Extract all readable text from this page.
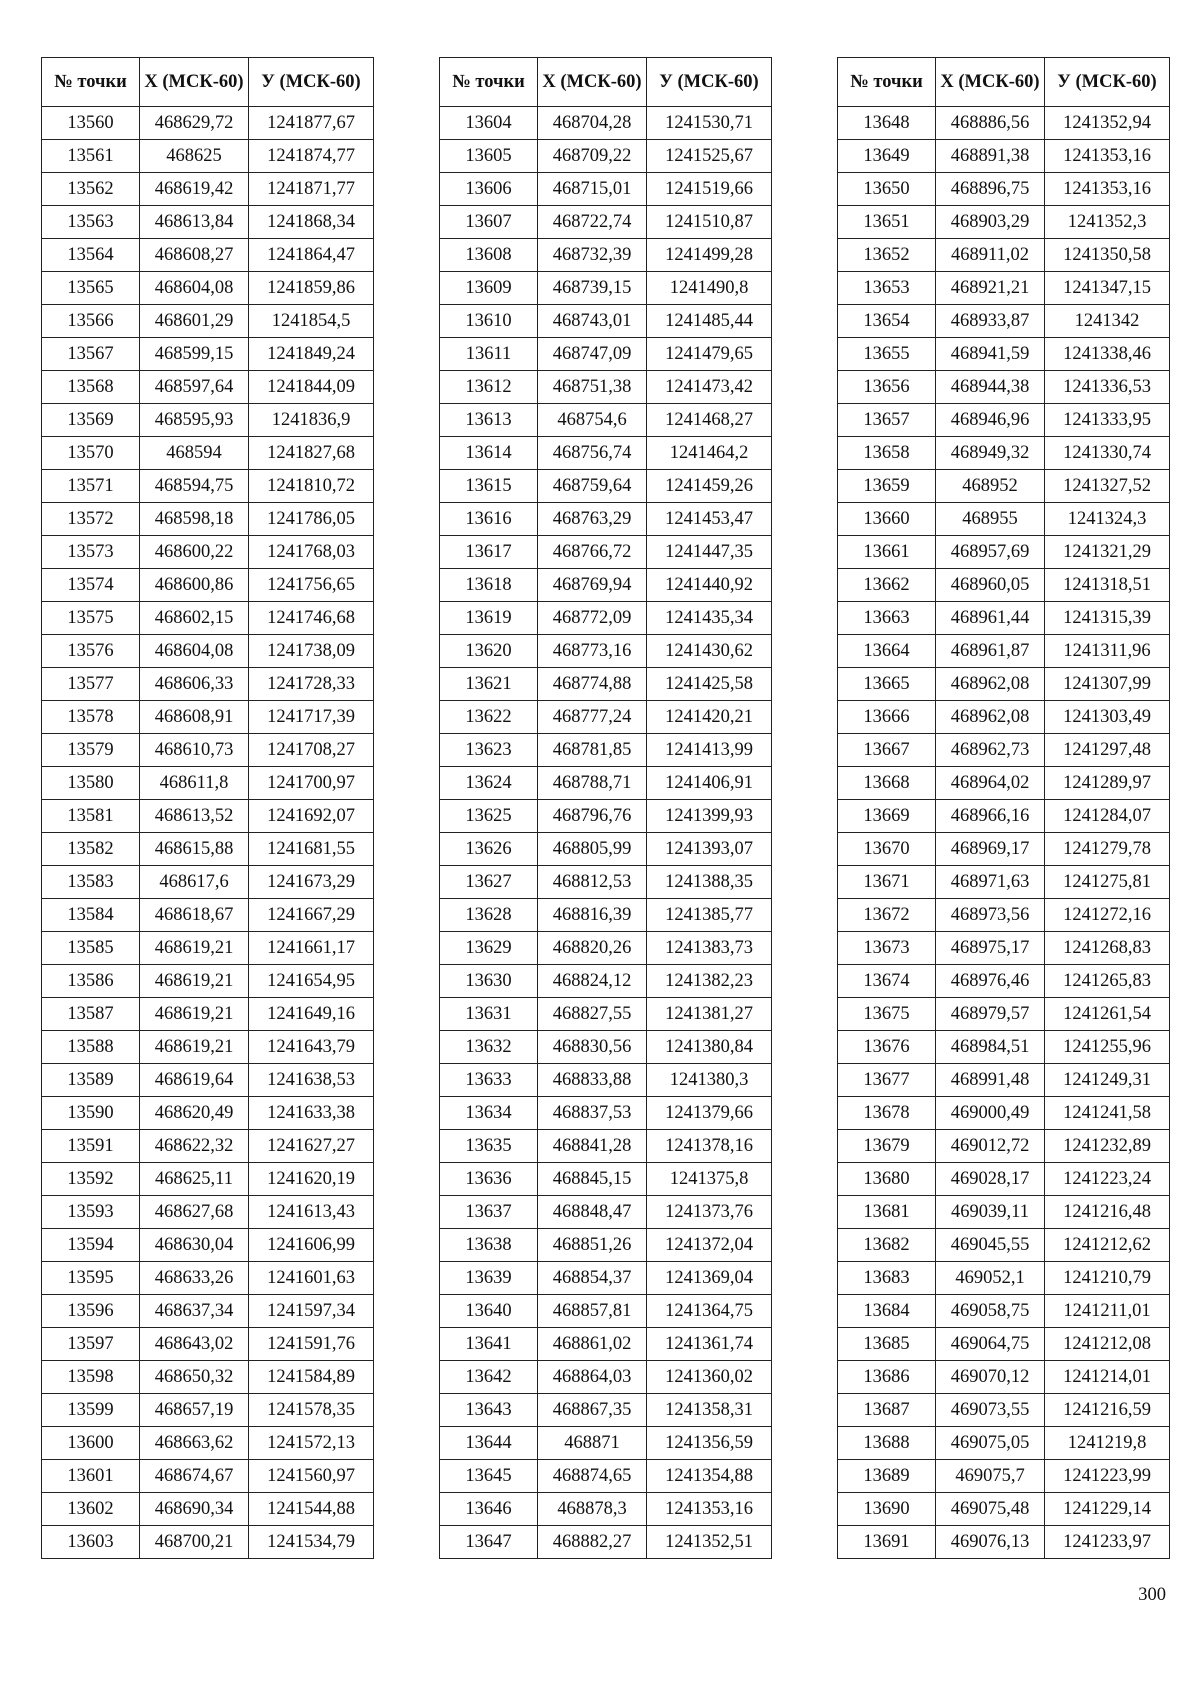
№ точки	X (МСК-60)	У (МСК-60)
13560	468629,72	1241877,67
13561	468625	1241874,77
13562	468619,42	1241871,77
13563	468613,84	1241868,34
13564	468608,27	1241864,47
13565	468604,08	1241859,86
13566	468601,29	1241854,5
13567	468599,15	1241849,24
13568	468597,64	1241844,09
13569	468595,93	1241836,9
13570	468594	1241827,68
13571	468594,75	1241810,72
13572	468598,18	1241786,05
13573	468600,22	1241768,03
13574	468600,86	1241756,65
13575	468602,15	1241746,68
13576	468604,08	1241738,09
13577	468606,33	1241728,33
13578	468608,91	1241717,39
13579	468610,73	1241708,27
13580	468611,8	1241700,97
13581	468613,52	1241692,07
13582	468615,88	1241681,55
13583	468617,6	1241673,29
13584	468618,67	1241667,29
13585	468619,21	1241661,17
13586	468619,21	1241654,95
13587	468619,21	1241649,16
13588	468619,21	1241643,79
13589	468619,64	1241638,53
13590	468620,49	1241633,38
13591	468622,32	1241627,27
13592	468625,11	1241620,19
13593	468627,68	1241613,43
13594	468630,04	1241606,99
13595	468633,26	1241601,63
13596	468637,34	1241597,34
13597	468643,02	1241591,76
13598	468650,32	1241584,89
13599	468657,19	1241578,35
13600	468663,62	1241572,13
13601	468674,67	1241560,97
13602	468690,34	1241544,88
13603	468700,21	1241534,79
№ точки	X (МСК-60)	У (МСК-60)
13604	468704,28	1241530,71
13605	468709,22	1241525,67
13606	468715,01	1241519,66
13607	468722,74	1241510,87
13608	468732,39	1241499,28
13609	468739,15	1241490,8
13610	468743,01	1241485,44
13611	468747,09	1241479,65
13612	468751,38	1241473,42
13613	468754,6	1241468,27
13614	468756,74	1241464,2
13615	468759,64	1241459,26
13616	468763,29	1241453,47
13617	468766,72	1241447,35
13618	468769,94	1241440,92
13619	468772,09	1241435,34
13620	468773,16	1241430,62
13621	468774,88	1241425,58
13622	468777,24	1241420,21
13623	468781,85	1241413,99
13624	468788,71	1241406,91
13625	468796,76	1241399,93
13626	468805,99	1241393,07
13627	468812,53	1241388,35
13628	468816,39	1241385,77
13629	468820,26	1241383,73
13630	468824,12	1241382,23
13631	468827,55	1241381,27
13632	468830,56	1241380,84
13633	468833,88	1241380,3
13634	468837,53	1241379,66
13635	468841,28	1241378,16
13636	468845,15	1241375,8
13637	468848,47	1241373,76
13638	468851,26	1241372,04
13639	468854,37	1241369,04
13640	468857,81	1241364,75
13641	468861,02	1241361,74
13642	468864,03	1241360,02
13643	468867,35	1241358,31
13644	468871	1241356,59
13645	468874,65	1241354,88
13646	468878,3	1241353,16
13647	468882,27	1241352,51
№ точки	X (МСК-60)	У (МСК-60)
13648	468886,56	1241352,94
13649	468891,38	1241353,16
13650	468896,75	1241353,16
13651	468903,29	1241352,3
13652	468911,02	1241350,58
13653	468921,21	1241347,15
13654	468933,87	1241342
13655	468941,59	1241338,46
13656	468944,38	1241336,53
13657	468946,96	1241333,95
13658	468949,32	1241330,74
13659	468952	1241327,52
13660	468955	1241324,3
13661	468957,69	1241321,29
13662	468960,05	1241318,51
13663	468961,44	1241315,39
13664	468961,87	1241311,96
13665	468962,08	1241307,99
13666	468962,08	1241303,49
13667	468962,73	1241297,48
13668	468964,02	1241289,97
13669	468966,16	1241284,07
13670	468969,17	1241279,78
13671	468971,63	1241275,81
13672	468973,56	1241272,16
13673	468975,17	1241268,83
13674	468976,46	1241265,83
13675	468979,57	1241261,54
13676	468984,51	1241255,96
13677	468991,48	1241249,31
13678	469000,49	1241241,58
13679	469012,72	1241232,89
13680	469028,17	1241223,24
13681	469039,11	1241216,48
13682	469045,55	1241212,62
13683	469052,1	1241210,79
13684	469058,75	1241211,01
13685	469064,75	1241212,08
13686	469070,12	1241214,01
13687	469073,55	1241216,59
13688	469075,05	1241219,8
13689	469075,7	1241223,99
13690	469075,48	1241229,14
13691	469076,13	1241233,97
300
